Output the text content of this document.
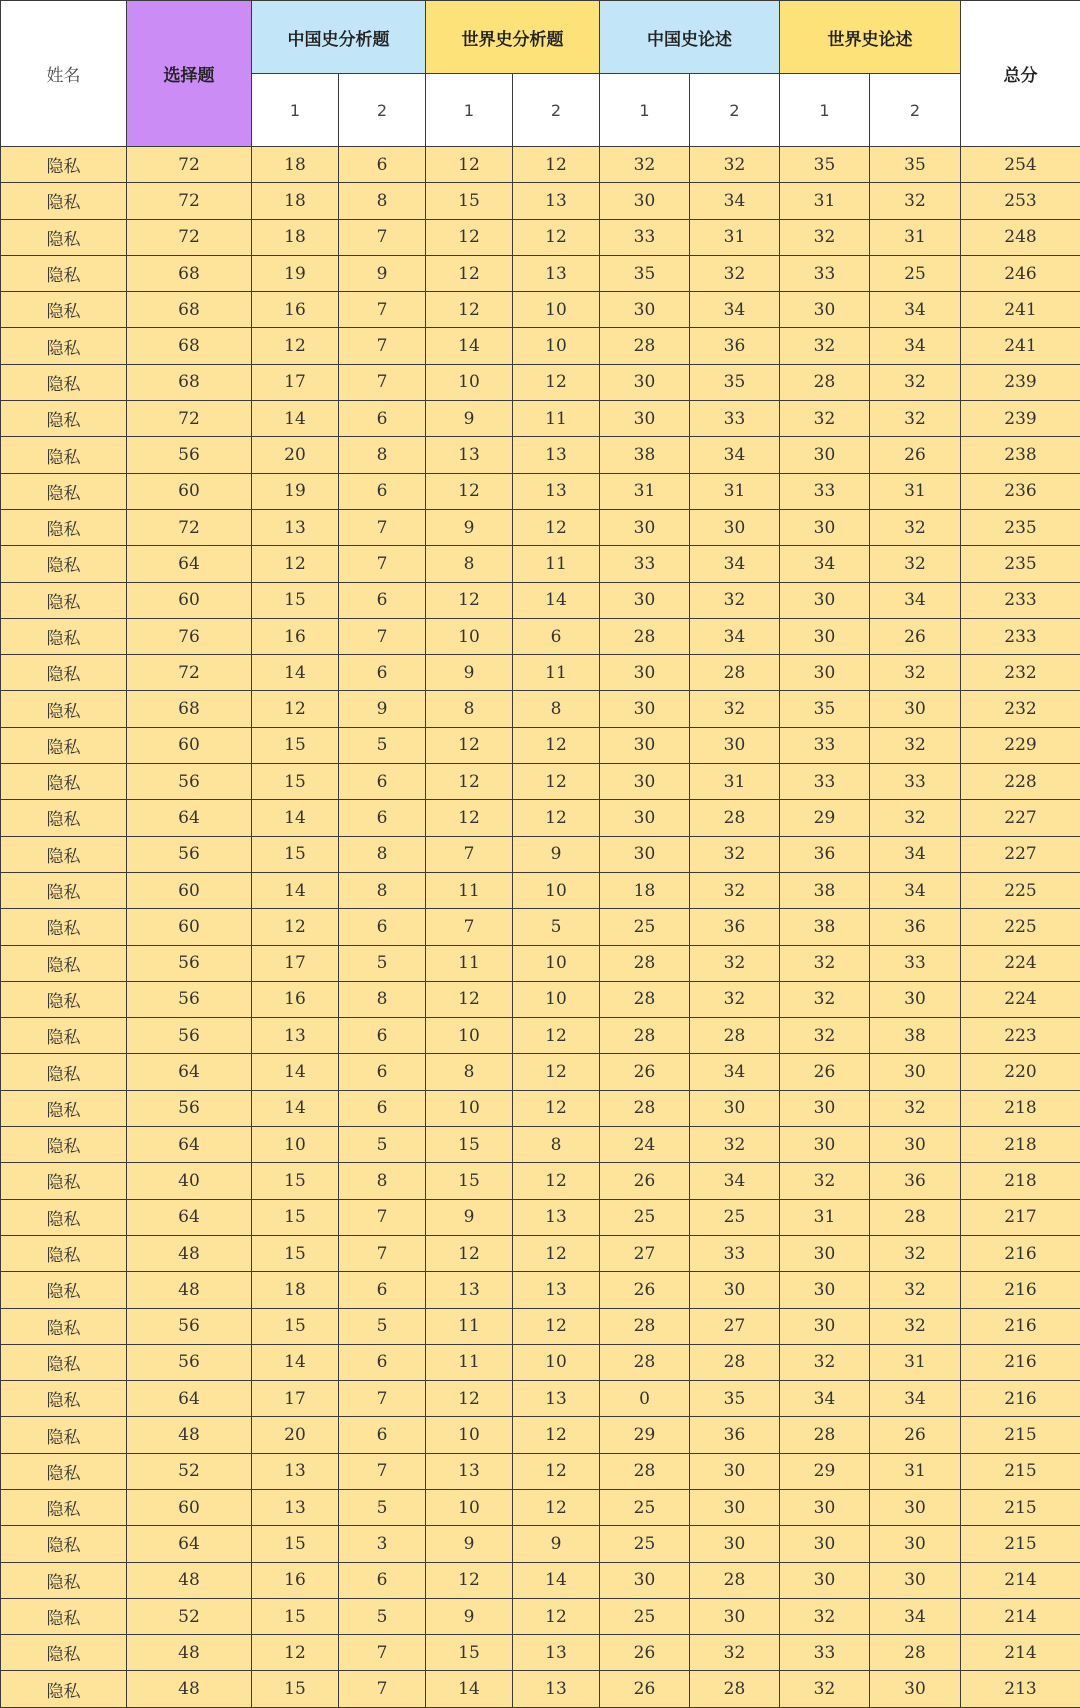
姓名	选择题	中国史分析题		世界史分析题		中国史论述		世界史论述		总分
		1	2	1	2	1	2	1	2	
隐私	72	18	6	12	12	32	32	35	35	254
隐私	72	18	8	15	13	30	34	31	32	253
隐私	72	18	7	12	12	33	31	32	31	248
隐私	68	19	9	12	13	35	32	33	25	246
隐私	68	16	7	12	10	30	34	30	34	241
隐私	68	12	7	14	10	28	36	32	34	241
隐私	68	17	7	10	12	30	35	28	32	239
隐私	72	14	6	9	11	30	33	32	32	239
隐私	56	20	8	13	13	38	34	30	26	238
隐私	60	19	6	12	13	31	31	33	31	236
隐私	72	13	7	9	12	30	30	30	32	235
隐私	64	12	7	8	11	33	34	34	32	235
隐私	60	15	6	12	14	30	32	30	34	233
隐私	76	16	7	10	6	28	34	30	26	233
隐私	72	14	6	9	11	30	28	30	32	232
隐私	68	12	9	8	8	30	32	35	30	232
隐私	60	15	5	12	12	30	30	33	32	229
隐私	56	15	6	12	12	30	31	33	33	228
隐私	64	14	6	12	12	30	28	29	32	227
隐私	56	15	8	7	9	30	32	36	34	227
隐私	60	14	8	11	10	18	32	38	34	225
隐私	60	12	6	7	5	25	36	38	36	225
隐私	56	17	5	11	10	28	32	32	33	224
隐私	56	16	8	12	10	28	32	32	30	224
隐私	56	13	6	10	12	28	28	32	38	223
隐私	64	14	6	8	12	26	34	26	30	220
隐私	56	14	6	10	12	28	30	30	32	218
隐私	64	10	5	15	8	24	32	30	30	218
隐私	40	15	8	15	12	26	34	32	36	218
隐私	64	15	7	9	13	25	25	31	28	217
隐私	48	15	7	12	12	27	33	30	32	216
隐私	48	18	6	13	13	26	30	30	32	216
隐私	56	15	5	11	12	28	27	30	32	216
隐私	56	14	6	11	10	28	28	32	31	216
隐私	64	17	7	12	13	0	35	34	34	216
隐私	48	20	6	10	12	29	36	28	26	215
隐私	52	13	7	13	12	28	30	29	31	215
隐私	60	13	5	10	12	25	30	30	30	215
隐私	64	15	3	9	9	25	30	30	30	215
隐私	48	16	6	12	14	30	28	30	30	214
隐私	52	15	5	9	12	25	30	32	34	214
隐私	48	12	7	15	13	26	32	33	28	214
隐私	48	15	7	14	13	26	28	32	30	213
